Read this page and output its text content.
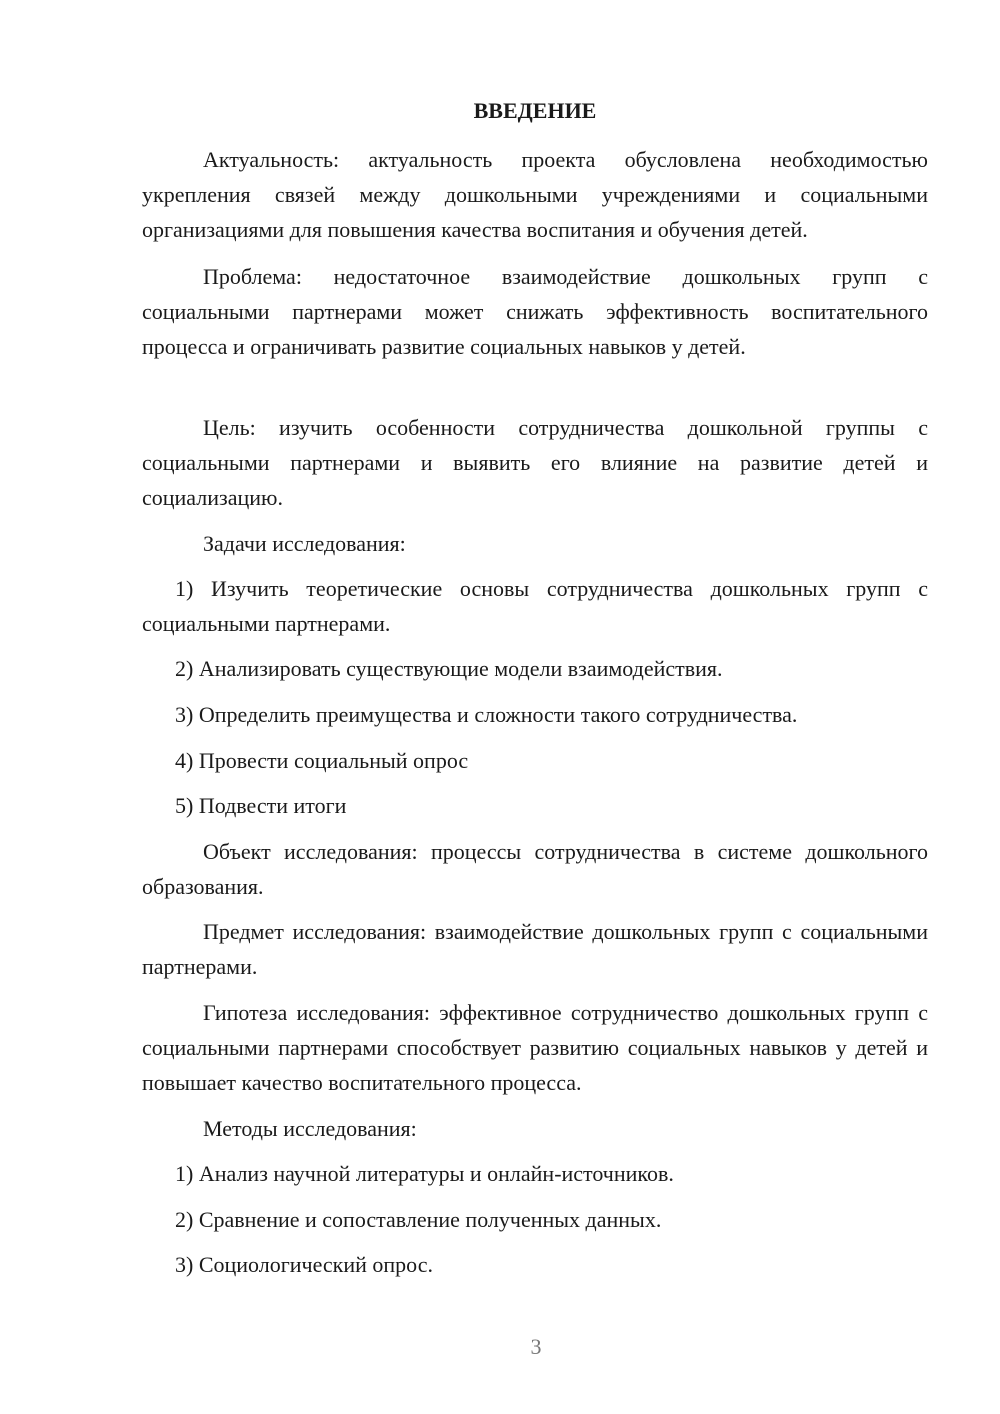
ВВЕДЕНИЕ

Актуальность: актуальность проекта обусловлена необходимостью укрепления связей между дошкольными учреждениями и социальными организациями для повышения качества воспитания и обучения детей.

Проблема: недостаточное взаимодействие дошкольных групп с социальными партнерами может снижать эффективность воспитательного процесса и ограничивать развитие социальных навыков у детей.

Цель: изучить особенности сотрудничества дошкольной группы с социальными партнерами и выявить его влияние на развитие детей и социализацию.

Задачи исследования:

1) Изучить теоретические основы сотрудничества дошкольных групп с социальными партнерами.

2) Анализировать существующие модели взаимодействия.

3) Определить преимущества и сложности такого сотрудничества.

4) Провести социальный опрос

5) Подвести итоги

Объект исследования: процессы сотрудничества в системе дошкольного образования.

Предмет исследования: взаимодействие дошкольных групп с социальными партнерами.

Гипотеза исследования: эффективное сотрудничество дошкольных групп с социальными партнерами способствует развитию социальных навыков у детей и повышает качество воспитательного процесса.

Методы исследования:

1) Анализ научной литературы и онлайн-источников.

2) Сравнение и сопоставление полученных данных.

3) Социологический опрос.

3
